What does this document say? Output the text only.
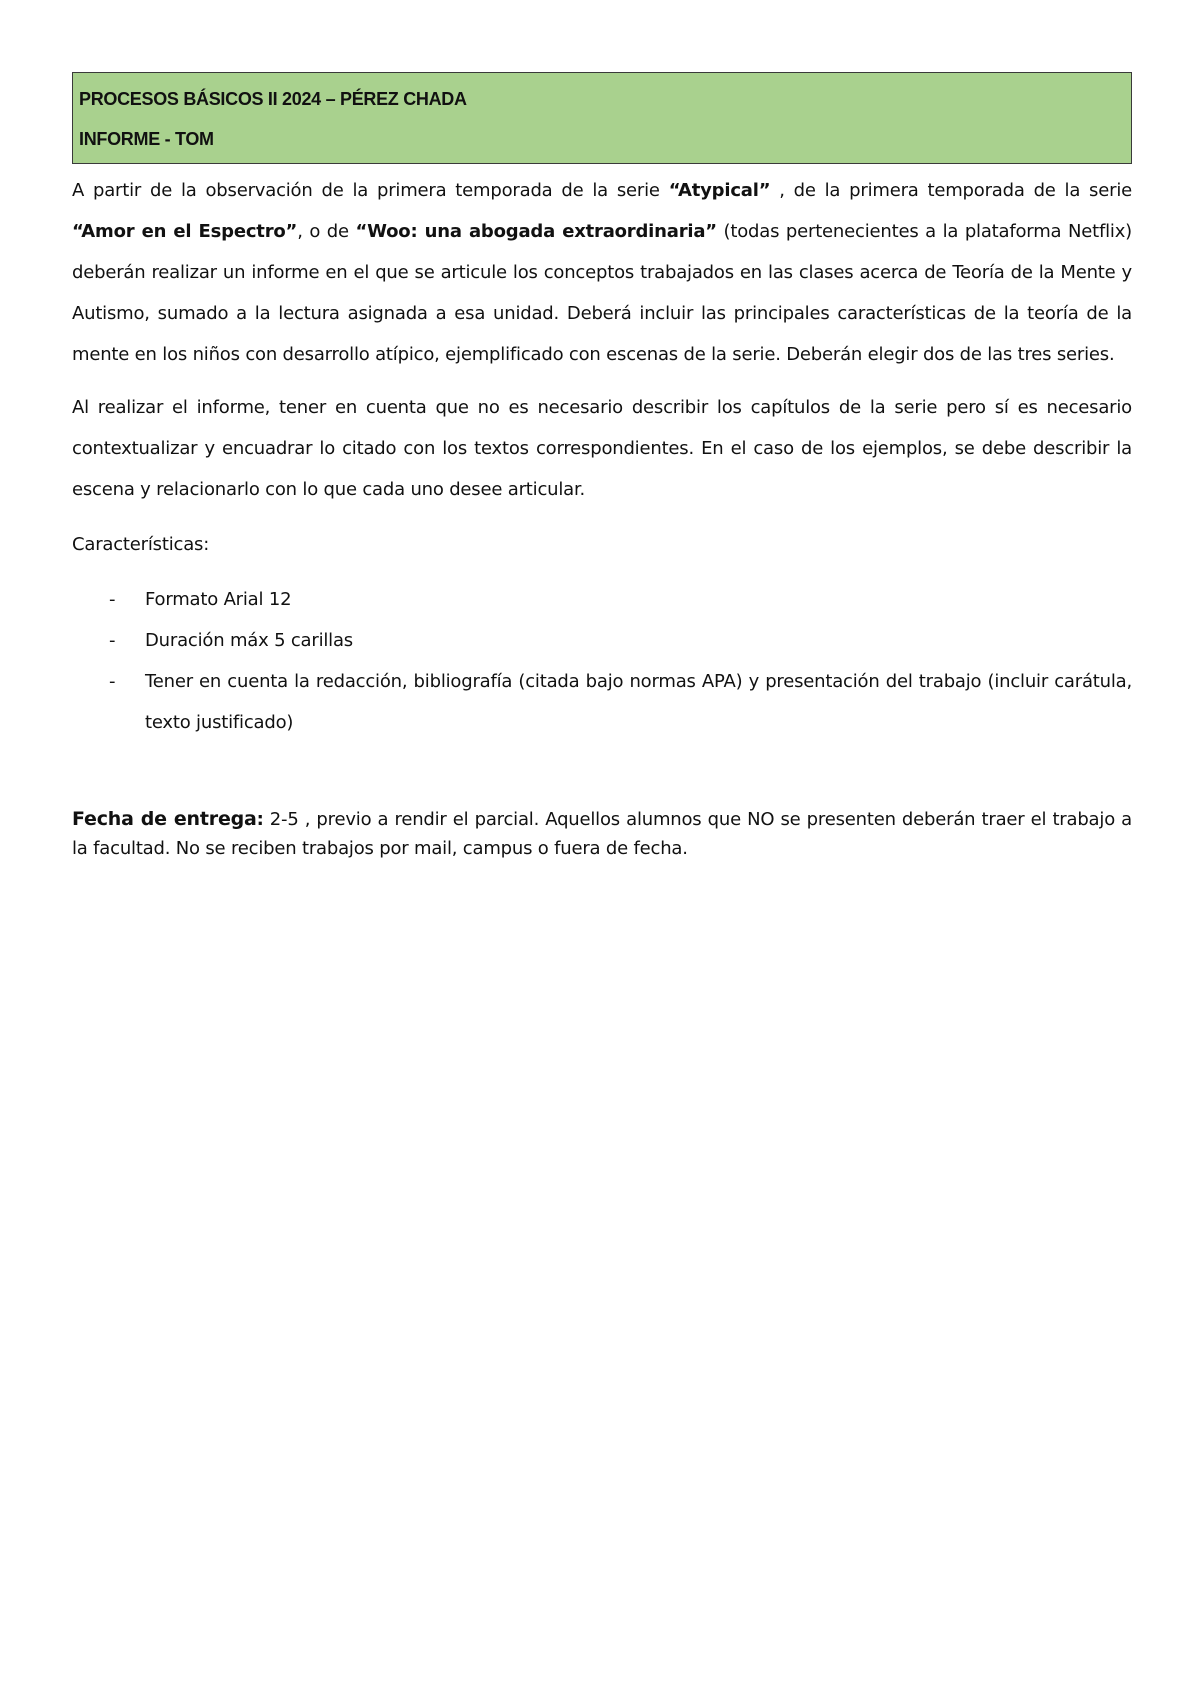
PROCESOS BÁSICOS II 2024 – PÉREZ CHADA
INFORME - TOM

A partir de la observación de la primera temporada de la serie “Atypical” , de la primera temporada de la serie “Amor en el Espectro”, o de “Woo: una abogada extraordinaria” (todas pertenecientes a la plataforma Netflix) deberán realizar un informe en el que se articule los conceptos trabajados en las clases acerca de Teoría de la Mente y Autismo, sumado a la lectura asignada a esa unidad. Deberá incluir las principales características de la teoría de la mente en los niños con desarrollo atípico, ejemplificado con escenas de la serie. Deberán elegir dos de las tres series.

Al realizar el informe, tener en cuenta que no es necesario describir los capítulos de la serie pero sí es necesario contextualizar y encuadrar lo citado con los textos correspondientes. En el caso de los ejemplos, se debe describir la escena y relacionarlo con lo que cada uno desee articular.

Características:

- Formato Arial 12
- Duración máx 5 carillas
- Tener en cuenta la redacción, bibliografía (citada bajo normas APA) y presentación del trabajo (incluir carátula, texto justificado)

Fecha de entrega: 2-5 , previo a rendir el parcial. Aquellos alumnos que NO se presenten deberán traer el trabajo a la facultad. No se reciben trabajos por mail, campus o fuera de fecha.
